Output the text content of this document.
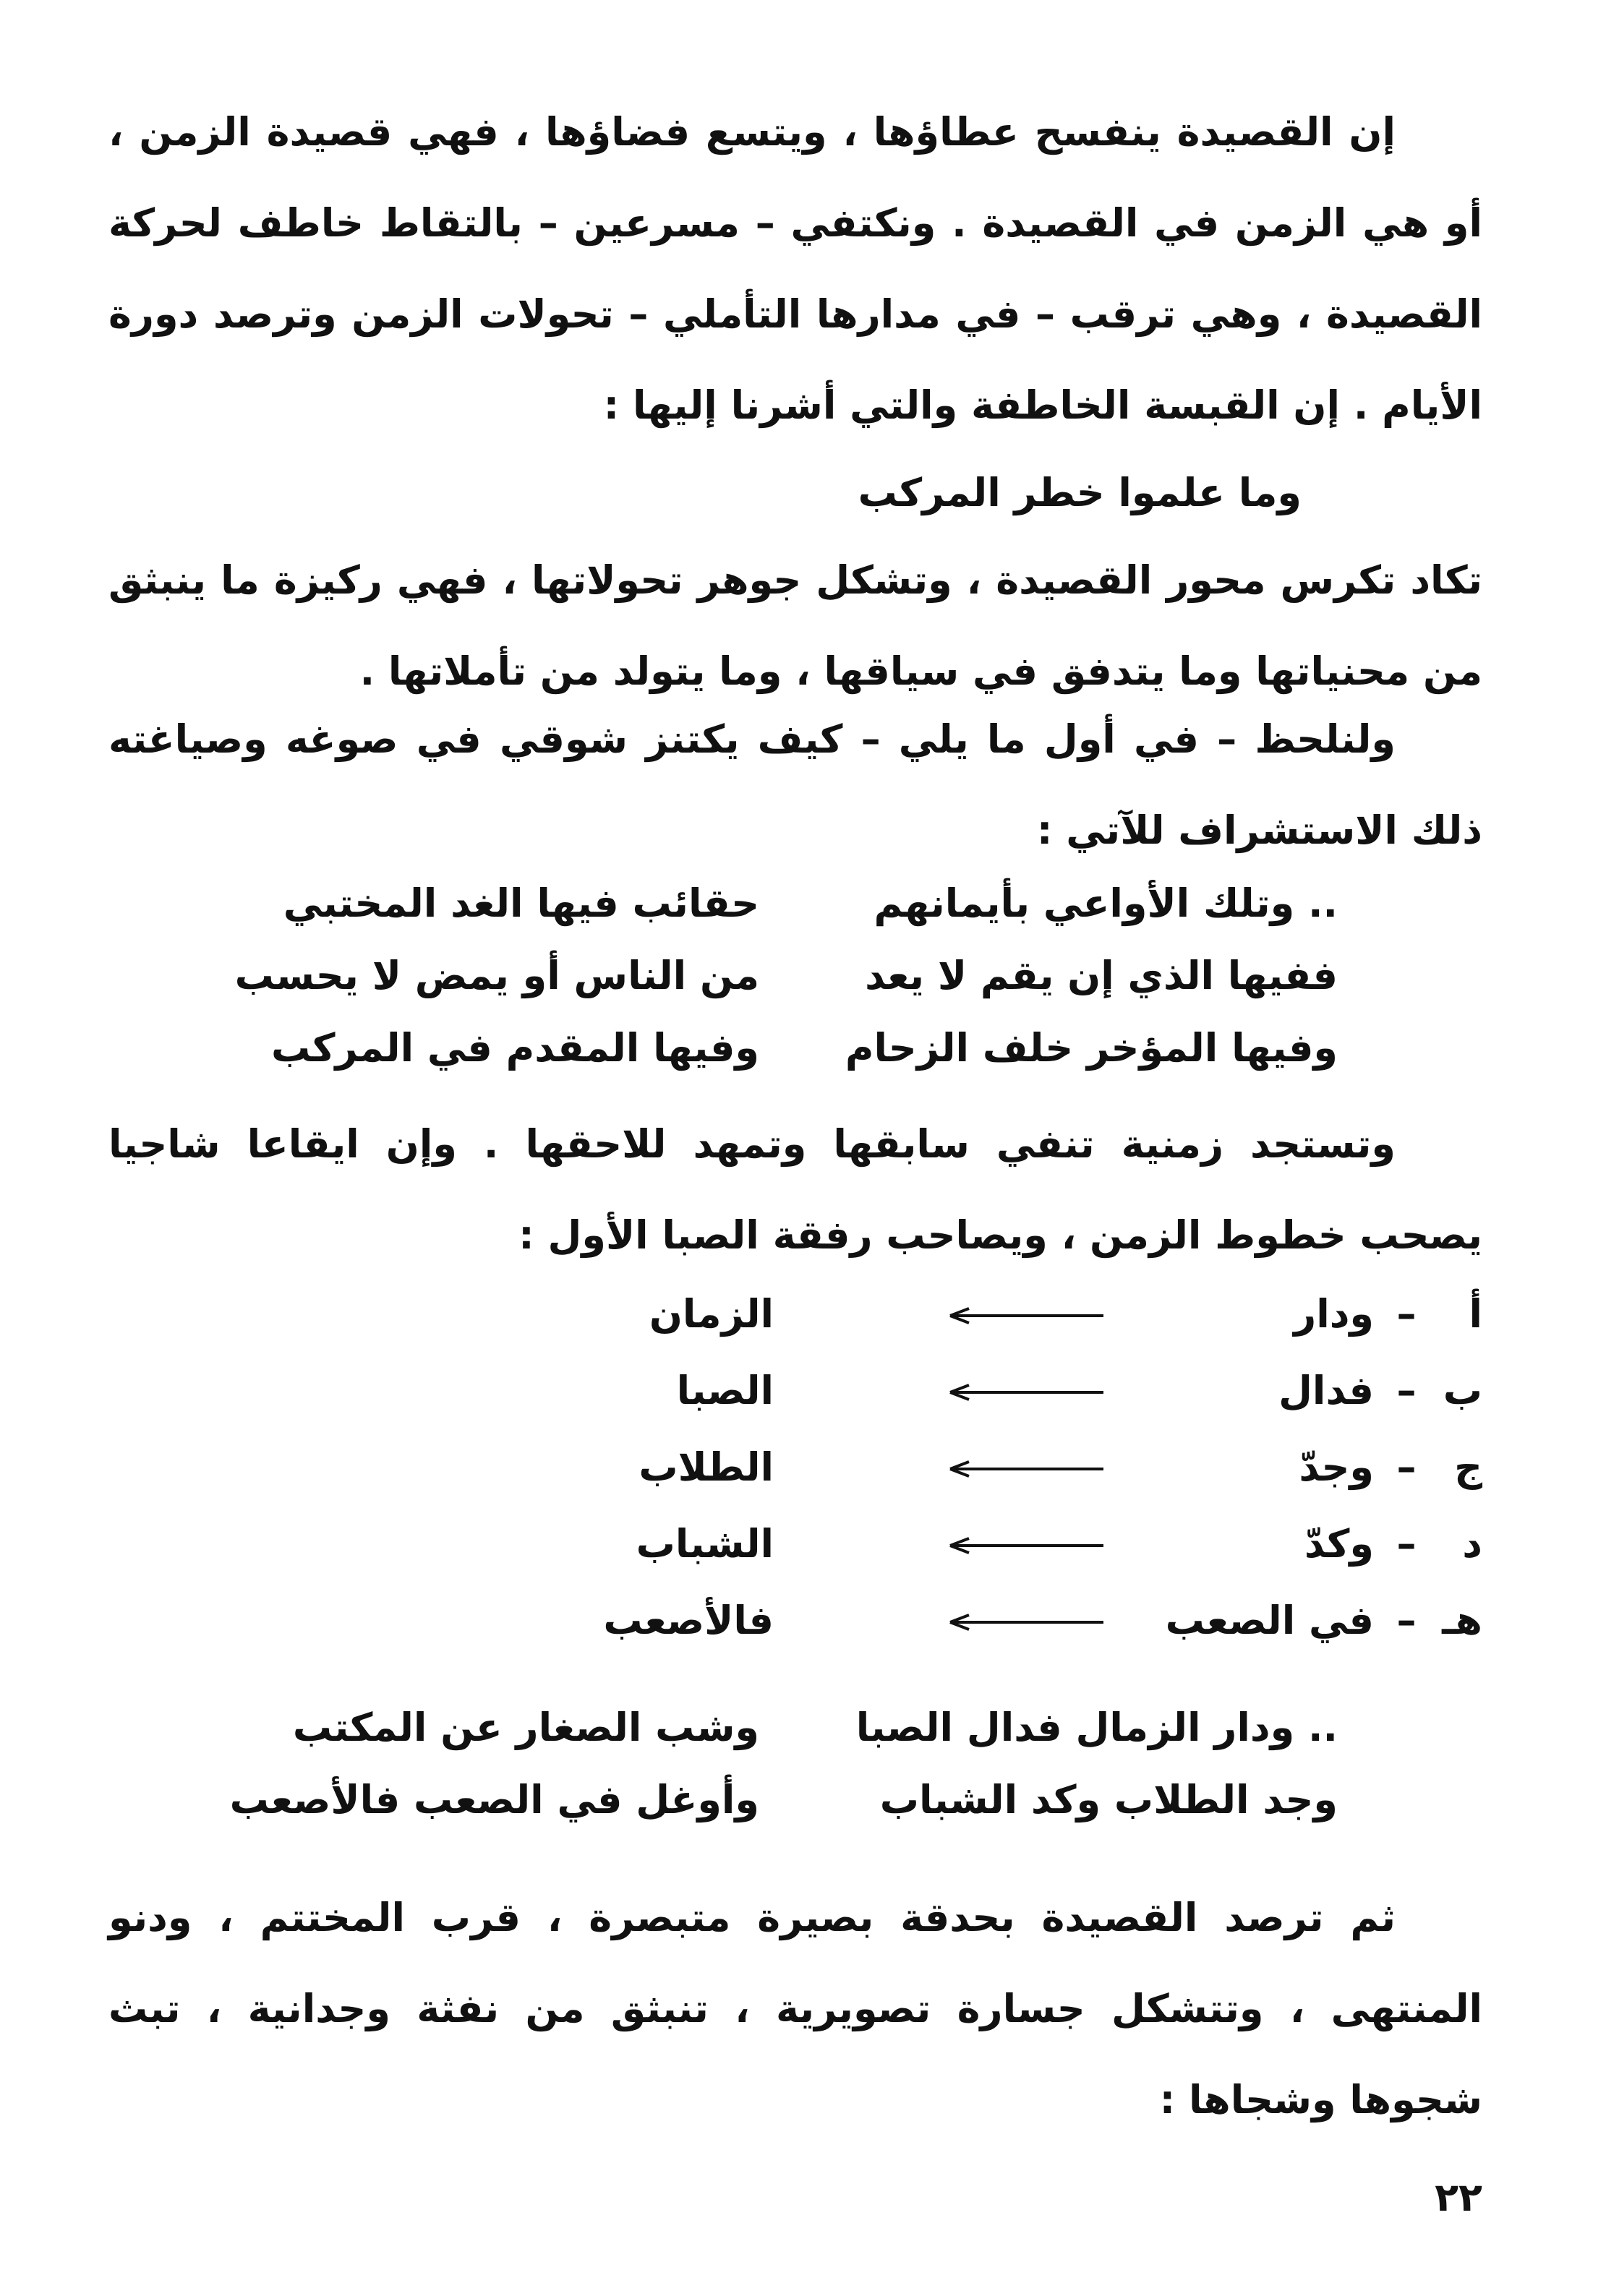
إن القصيدة ينفسح عطاؤها ، ويتسع فضاؤها ، فهي قصيدة الزمن ، أو هي الزمن في القصيدة . ونكتفي – مسرعين – بالتقاط خاطف لحركة القصيدة ، وهي ترقب – في مدارها التأملي – تحولات الزمن وترصد دورة الأيام . إن القبسة الخاطفة والتي أشرنا إليها :

وما علموا خطر المركب

تكاد تكرس محور القصيدة ، وتشكل جوهر تحولاتها ، فهي ركيزة ما ينبثق من محنياتها وما يتدفق في سياقها ، وما يتولد من تأملاتها .

ولنلحظ – في أول ما يلي – كيف يكتنز شوقي في صوغه وصياغته ذلك الاستشراف للآتي :

.. وتلك الأواعي بأيمانهم
حقائب فيها الغد المختبي
ففيها الذي إن يقم لا يعد
من الناس أو يمض لا يحسب
وفيها المؤخر خلف الزحام
وفيها المقدم في المركب

وتستجد زمنية تنفي سابقها وتمهد للاحقها . وإن ايقاعا شاجيا يصحب خطوط الزمن ، ويصاحب رفقة الصبا الأول :

أ
–
ودار
الزمان
ب
–
فدال
الصبا
ج
–
وجدّ
الطلاب
د
–
وكدّ
الشباب
هـ
–
في الصعب
فالأصعب
.. ودار الزمال فدال الصبا
وشب الصغار عن المكتب
وجد الطلاب وكد الشباب
وأوغل في الصعب فالأصعب

ثم ترصد القصيدة بحدقة بصيرة متبصرة ، قرب المختتم ، ودنو المنتهى ، وتتشكل جسارة تصويرية ، تنبثق من نفثة وجدانية ، تبث شجوها وشجاها :

٢٢
